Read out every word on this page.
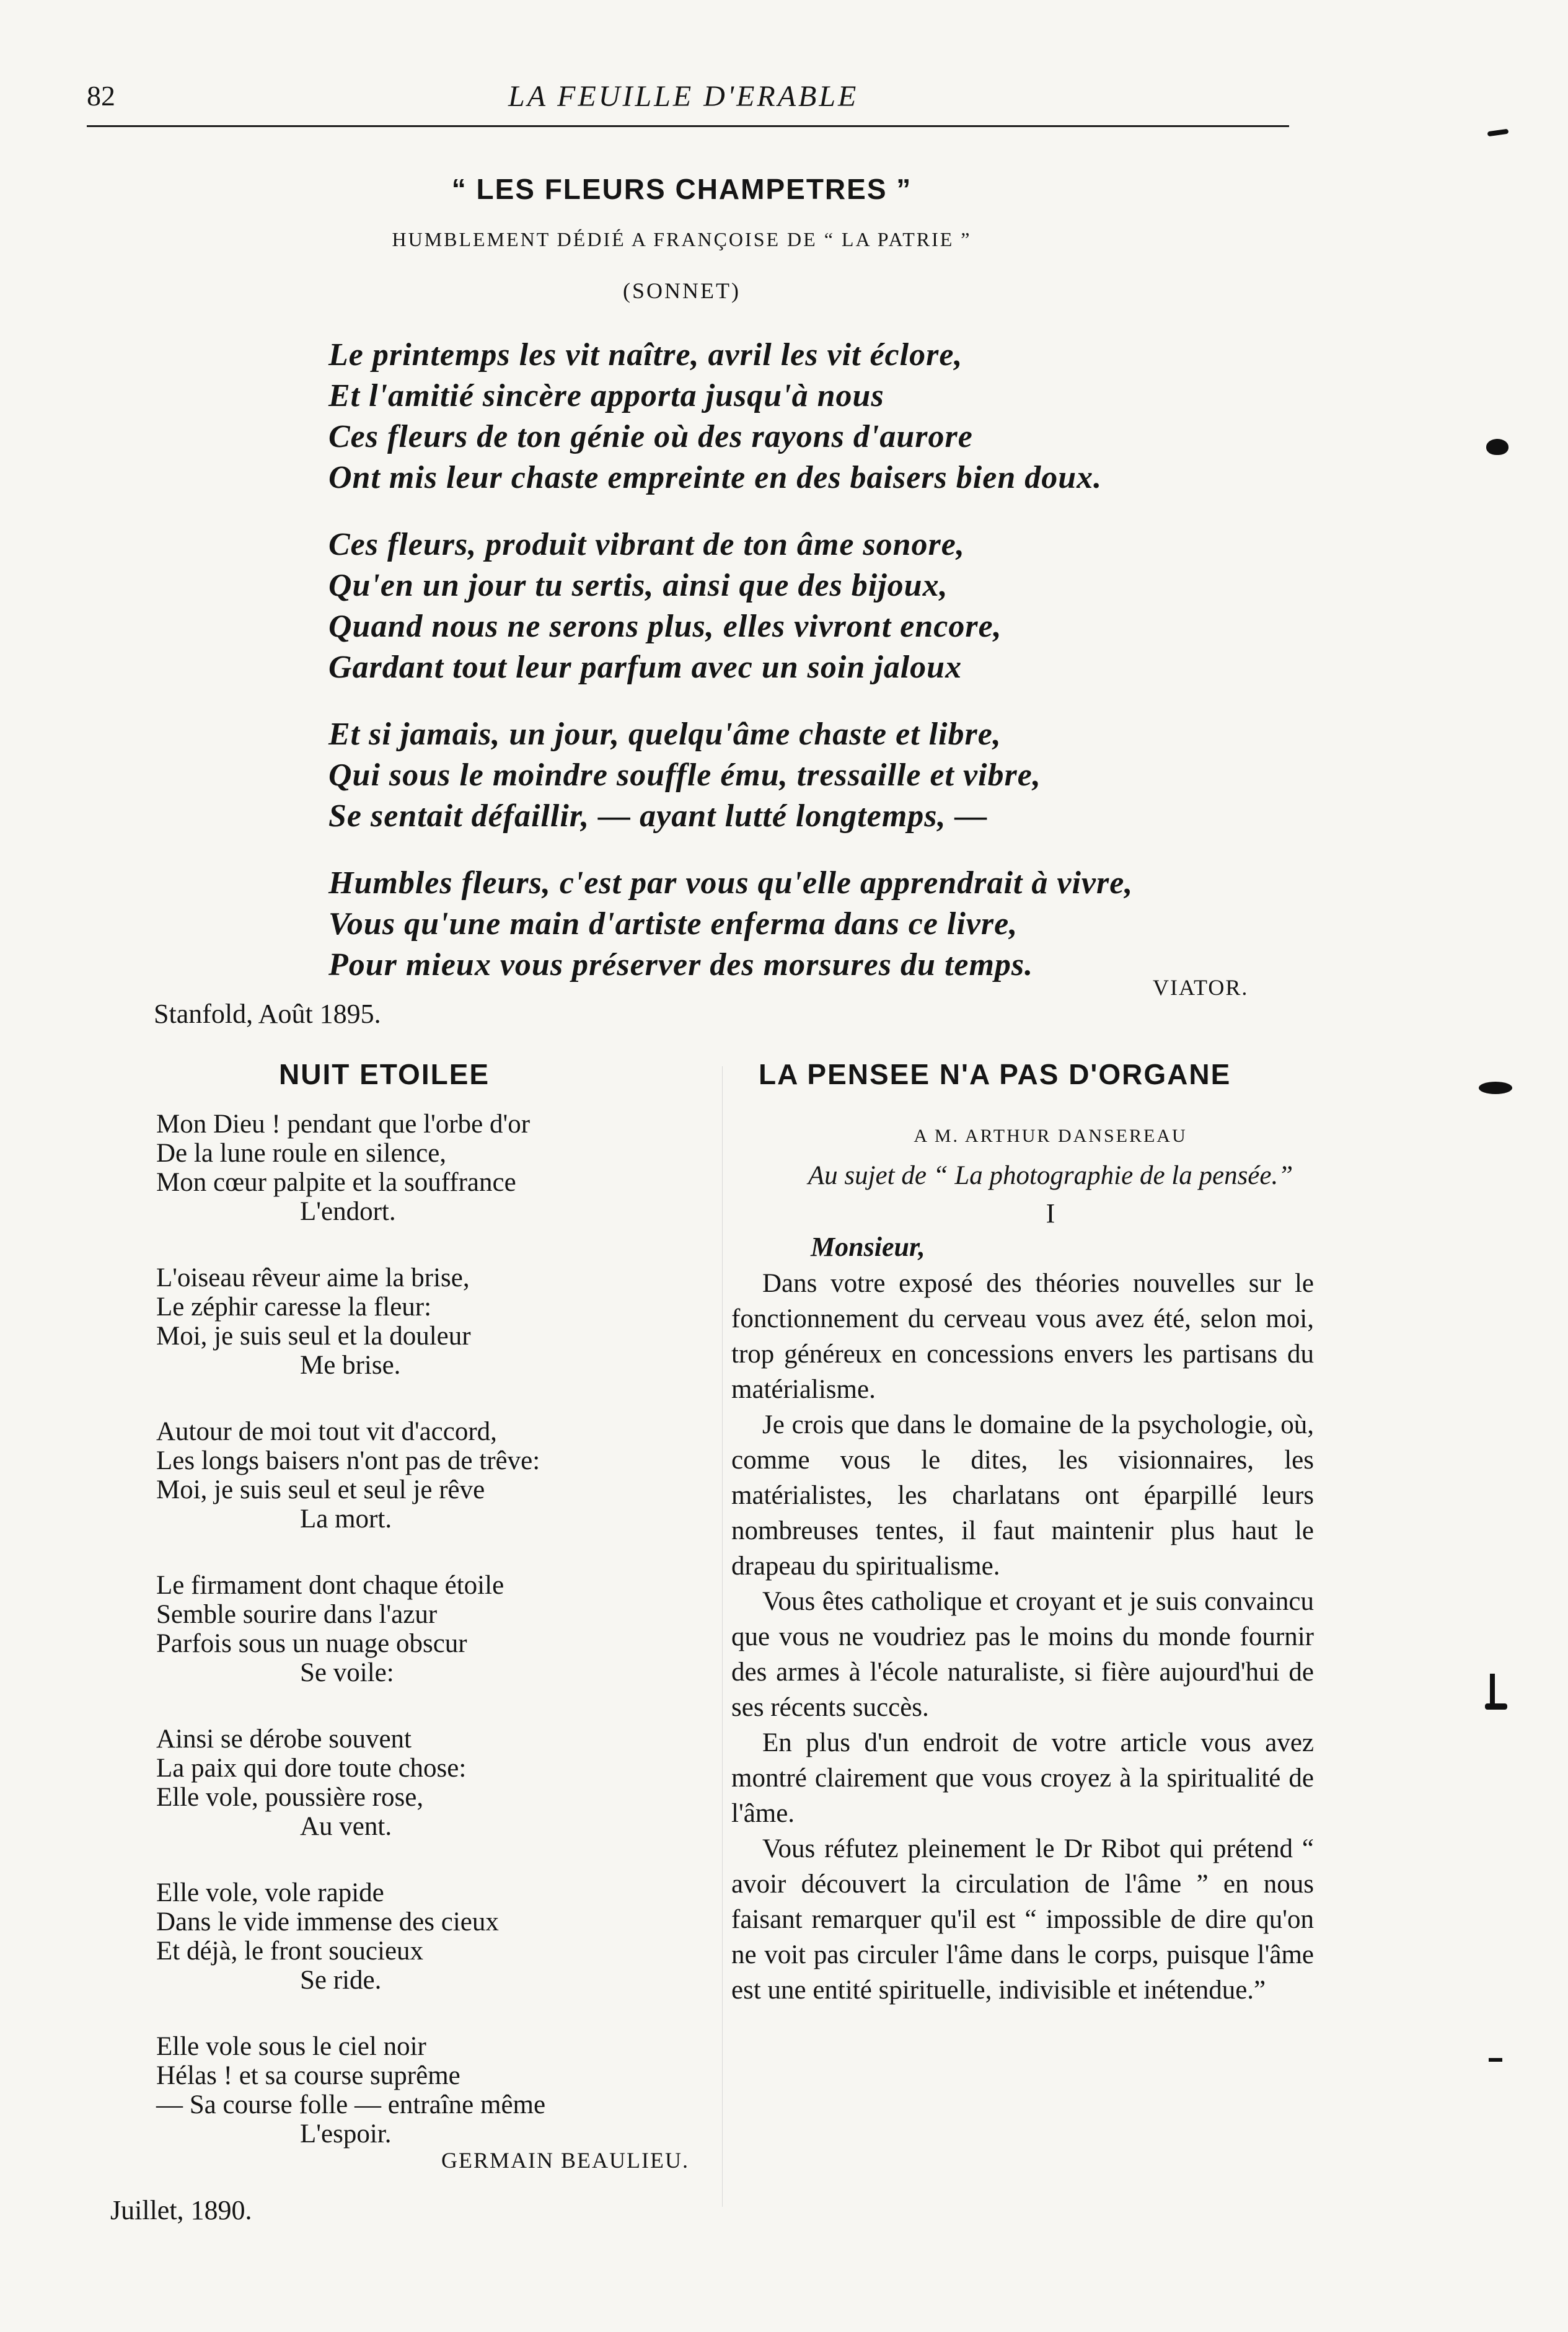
82	LA FEUILLE D'ERABLE
“ LES FLEURS CHAMPETRES ”
HUMBLEMENT DÉDIÉ A FRANÇOISE DE “ LA PATRIE ”
(SONNET)
Le printemps les vit naître, avril les vit éclore,
Et l'amitié sincère apporta jusqu'à nous
Ces fleurs de ton génie où des rayons d'aurore
Ont mis leur chaste empreinte en des baisers bien doux.
Ces fleurs, produit vibrant de ton âme sonore,
Qu'en un jour tu sertis, ainsi que des bijoux,
Quand nous ne serons plus, elles vivront encore,
Gardant tout leur parfum avec un soin jaloux
Et si jamais, un jour, quelqu'âme chaste et libre,
Qui sous le moindre souffle ému, tressaille et vibre,
Se sentait défaillir, — ayant lutté longtemps, —
Humbles fleurs, c'est par vous qu'elle apprendrait à vivre,
Vous qu'une main d'artiste enferma dans ce livre,
Pour mieux vous préserver des morsures du temps.
VIATOR.
Stanfold, Août 1895.
NUIT ETOILEE
Mon Dieu ! pendant que l'orbe d'or
De la lune roule en silence,
Mon cœur palpite et la souffrance
L'endort.
L'oiseau rêveur aime la brise,
Le zéphir caresse la fleur:
Moi, je suis seul et la douleur
Me brise.
Autour de moi tout vit d'accord,
Les longs baisers n'ont pas de trêve:
Moi, je suis seul et seul je rêve
La mort.
Le firmament dont chaque étoile
Semble sourire dans l'azur
Parfois sous un nuage obscur
Se voile:
Ainsi se dérobe souvent
La paix qui dore toute chose:
Elle vole, poussière rose,
Au vent.
Elle vole, vole rapide
Dans le vide immense des cieux
Et déjà, le front soucieux
Se ride.
Elle vole sous le ciel noir
Hélas ! et sa course suprême
— Sa course folle — entraîne même
L'espoir.
GERMAIN BEAULIEU.
Juillet, 1890.
LA PENSEE N'A PAS D'ORGANE
A M. ARTHUR DANSEREAU
Au sujet de “ La photographie de la pensée.”
I
Monsieur,

Dans votre exposé des théories nouvelles sur le fonctionnement du cerveau vous avez été, selon moi, trop généreux en concessions envers les partisans du matérialisme.

Je crois que dans le domaine de la psychologie, où, comme vous le dites, les visionnaires, les matérialistes, les charlatans ont éparpillé leurs nombreuses tentes, il faut maintenir plus haut le drapeau du spiritualisme.

Vous êtes catholique et croyant et je suis convaincu que vous ne voudriez pas le moins du monde fournir des armes à l'école naturaliste, si fière aujourd'hui de ses récents succès.

En plus d'un endroit de votre article vous avez montré clairement que vous croyez à la spiritualité de l'âme.

Vous réfutez pleinement le Dr Ribot qui prétend “ avoir découvert la circulation de l'âme ” en nous faisant remarquer qu'il est “ impossible de dire qu'on ne voit pas circuler l'âme dans le corps, puisque l'âme est une entité spirituelle, indivisible et inétendue.”
